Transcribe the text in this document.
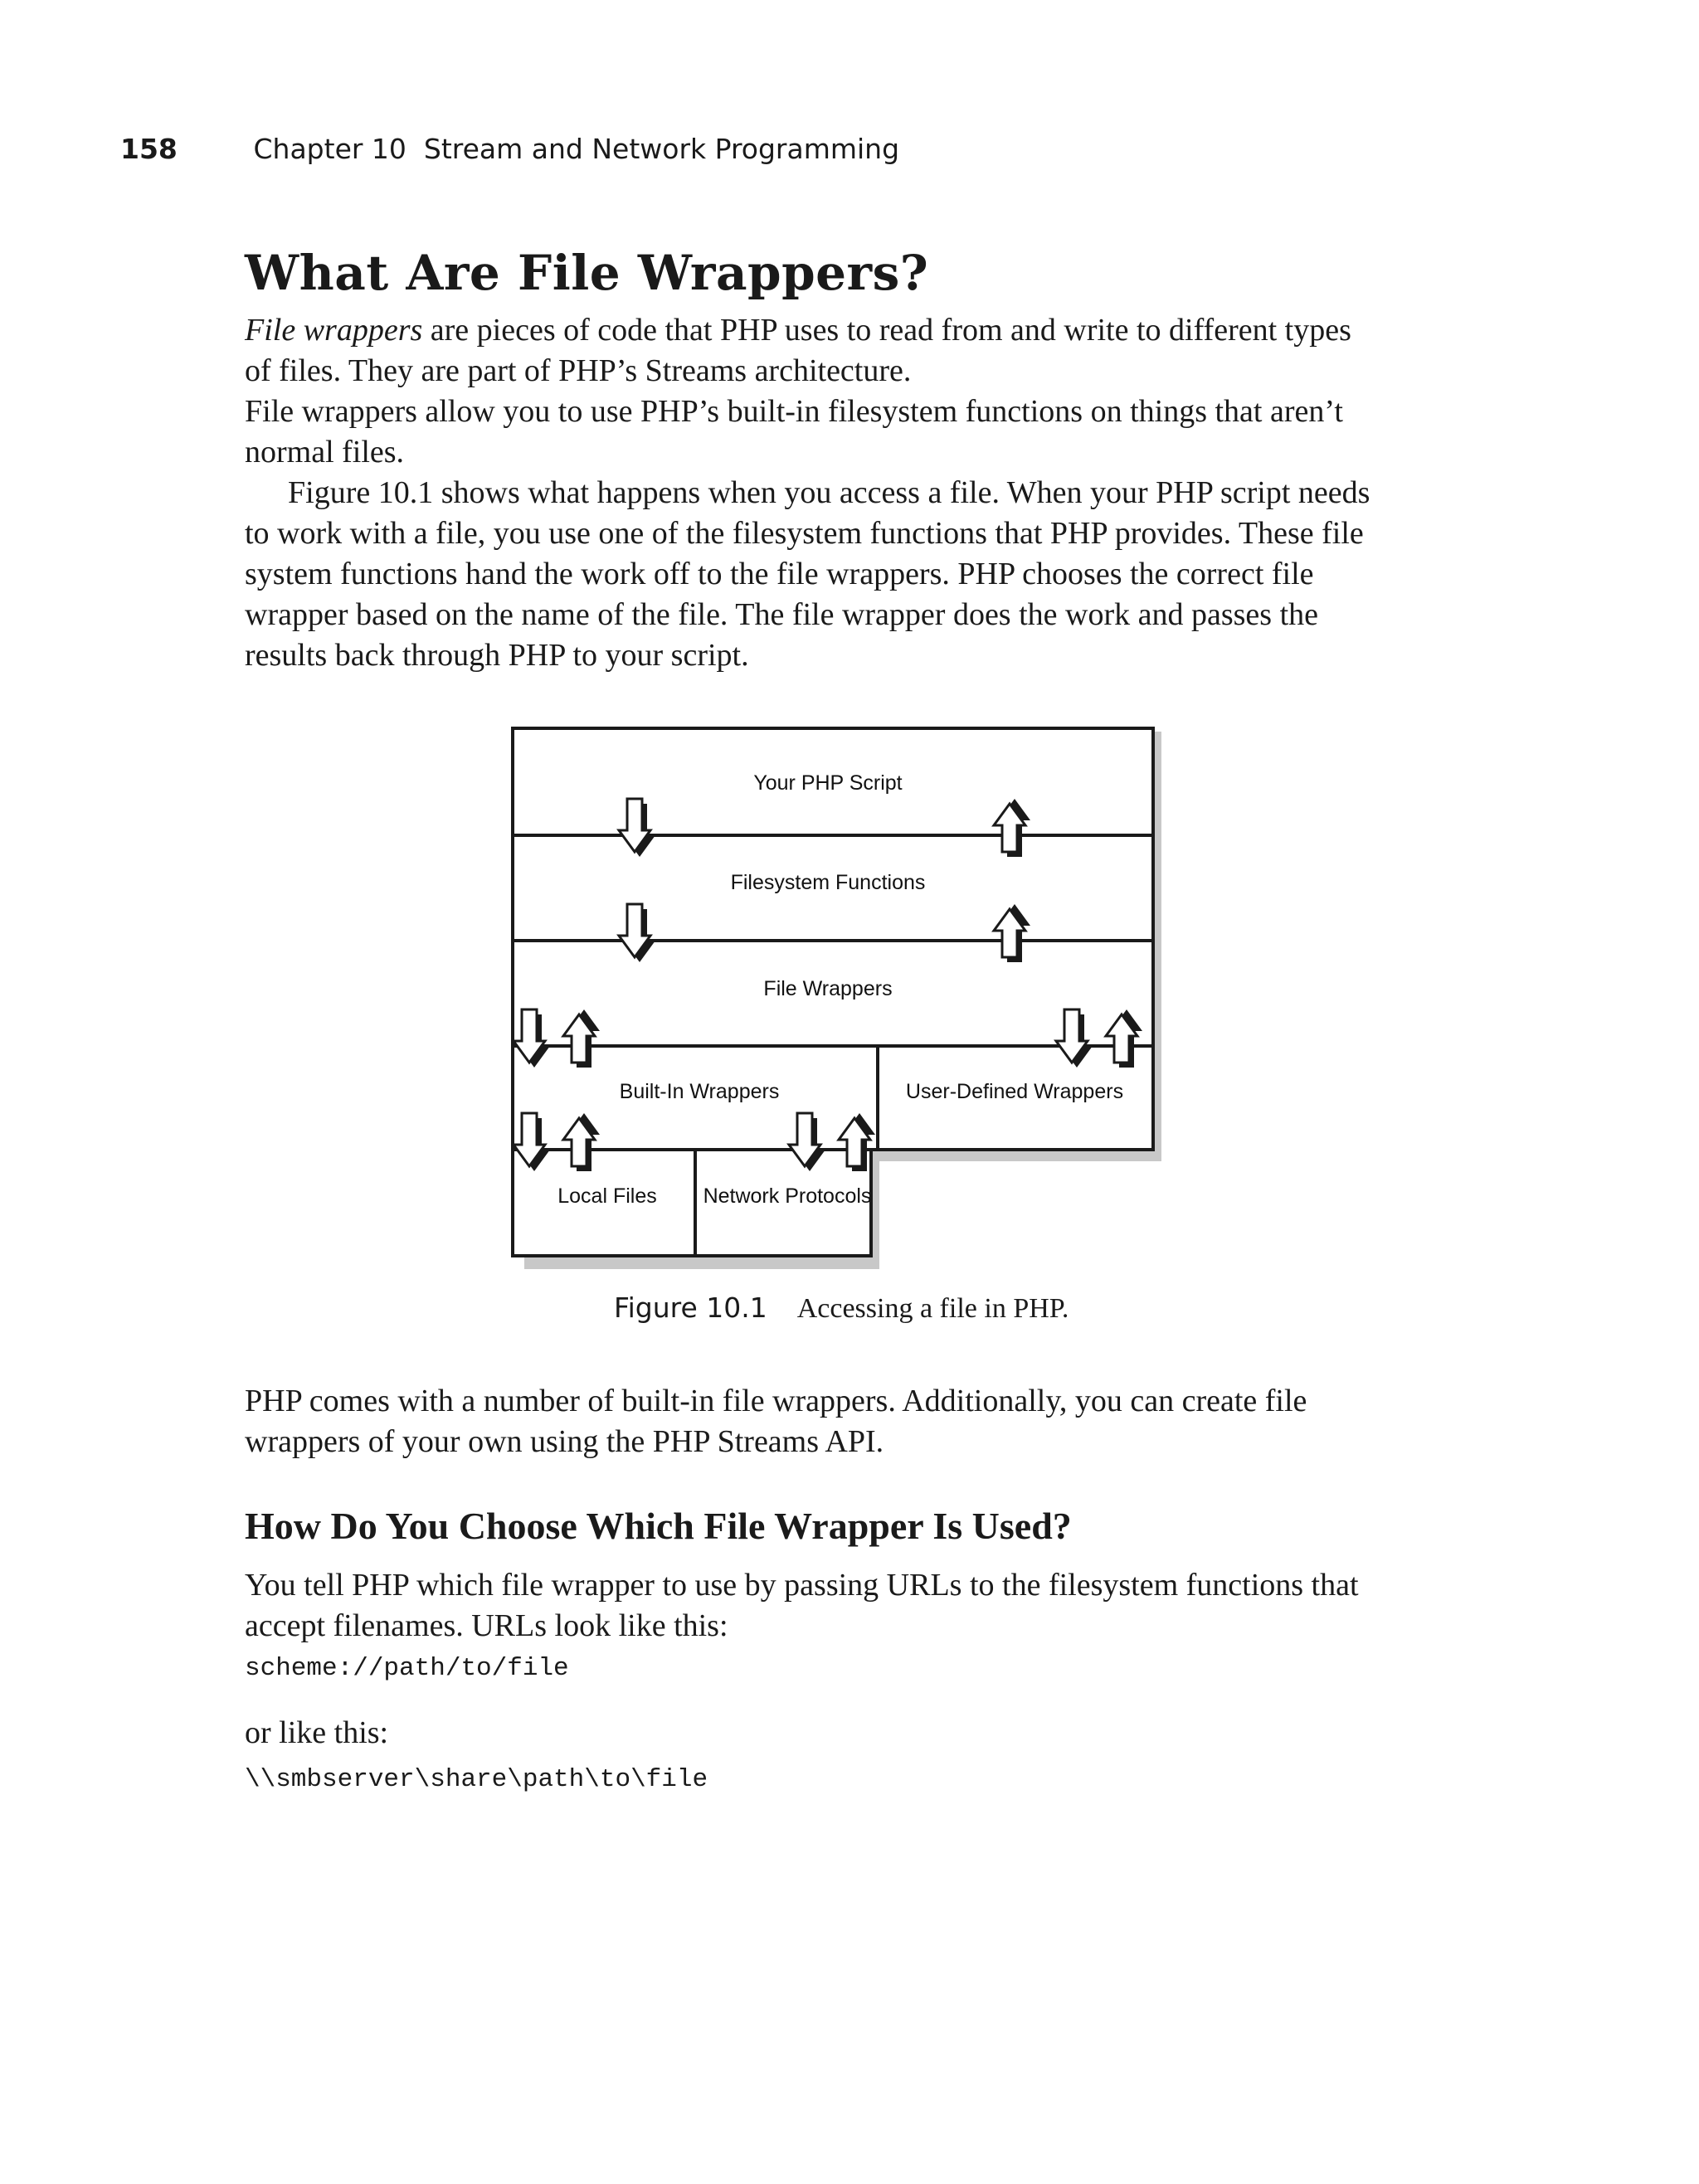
158	Chapter 10  Stream and Network Programming
What Are File Wrappers?

File wrappers are pieces of code that PHP uses to read from and write to different types
of files. They are part of PHP’s Streams architecture.

File wrappers allow you to use PHP’s built-in filesystem functions on things that aren’t
normal files.

Figure 10.1 shows what happens when you access a file. When your PHP script needs
to work with a file, you use one of the filesystem functions that PHP provides. These file
system functions hand the work off to the file wrappers. PHP chooses the correct file
wrapper based on the name of the file. The file wrapper does the work and passes the
results back through PHP to your script.

Your PHP Script
Filesystem Functions
File Wrappers
Built-In Wrappers	User-Defined Wrappers
Local Files Network Protocols
Figure 10.1 Accessing a file in PHP.

PHP comes with a number of built-in file wrappers. Additionally, you can create file
wrappers of your own using the PHP Streams API.

How Do You Choose Which File Wrapper Is Used?

You tell PHP which file wrapper to use by passing URLs to the filesystem functions that
accept filenames. URLs look like this:

scheme://path/to/file

or like this:

\\smbserver\share\path\to\file
